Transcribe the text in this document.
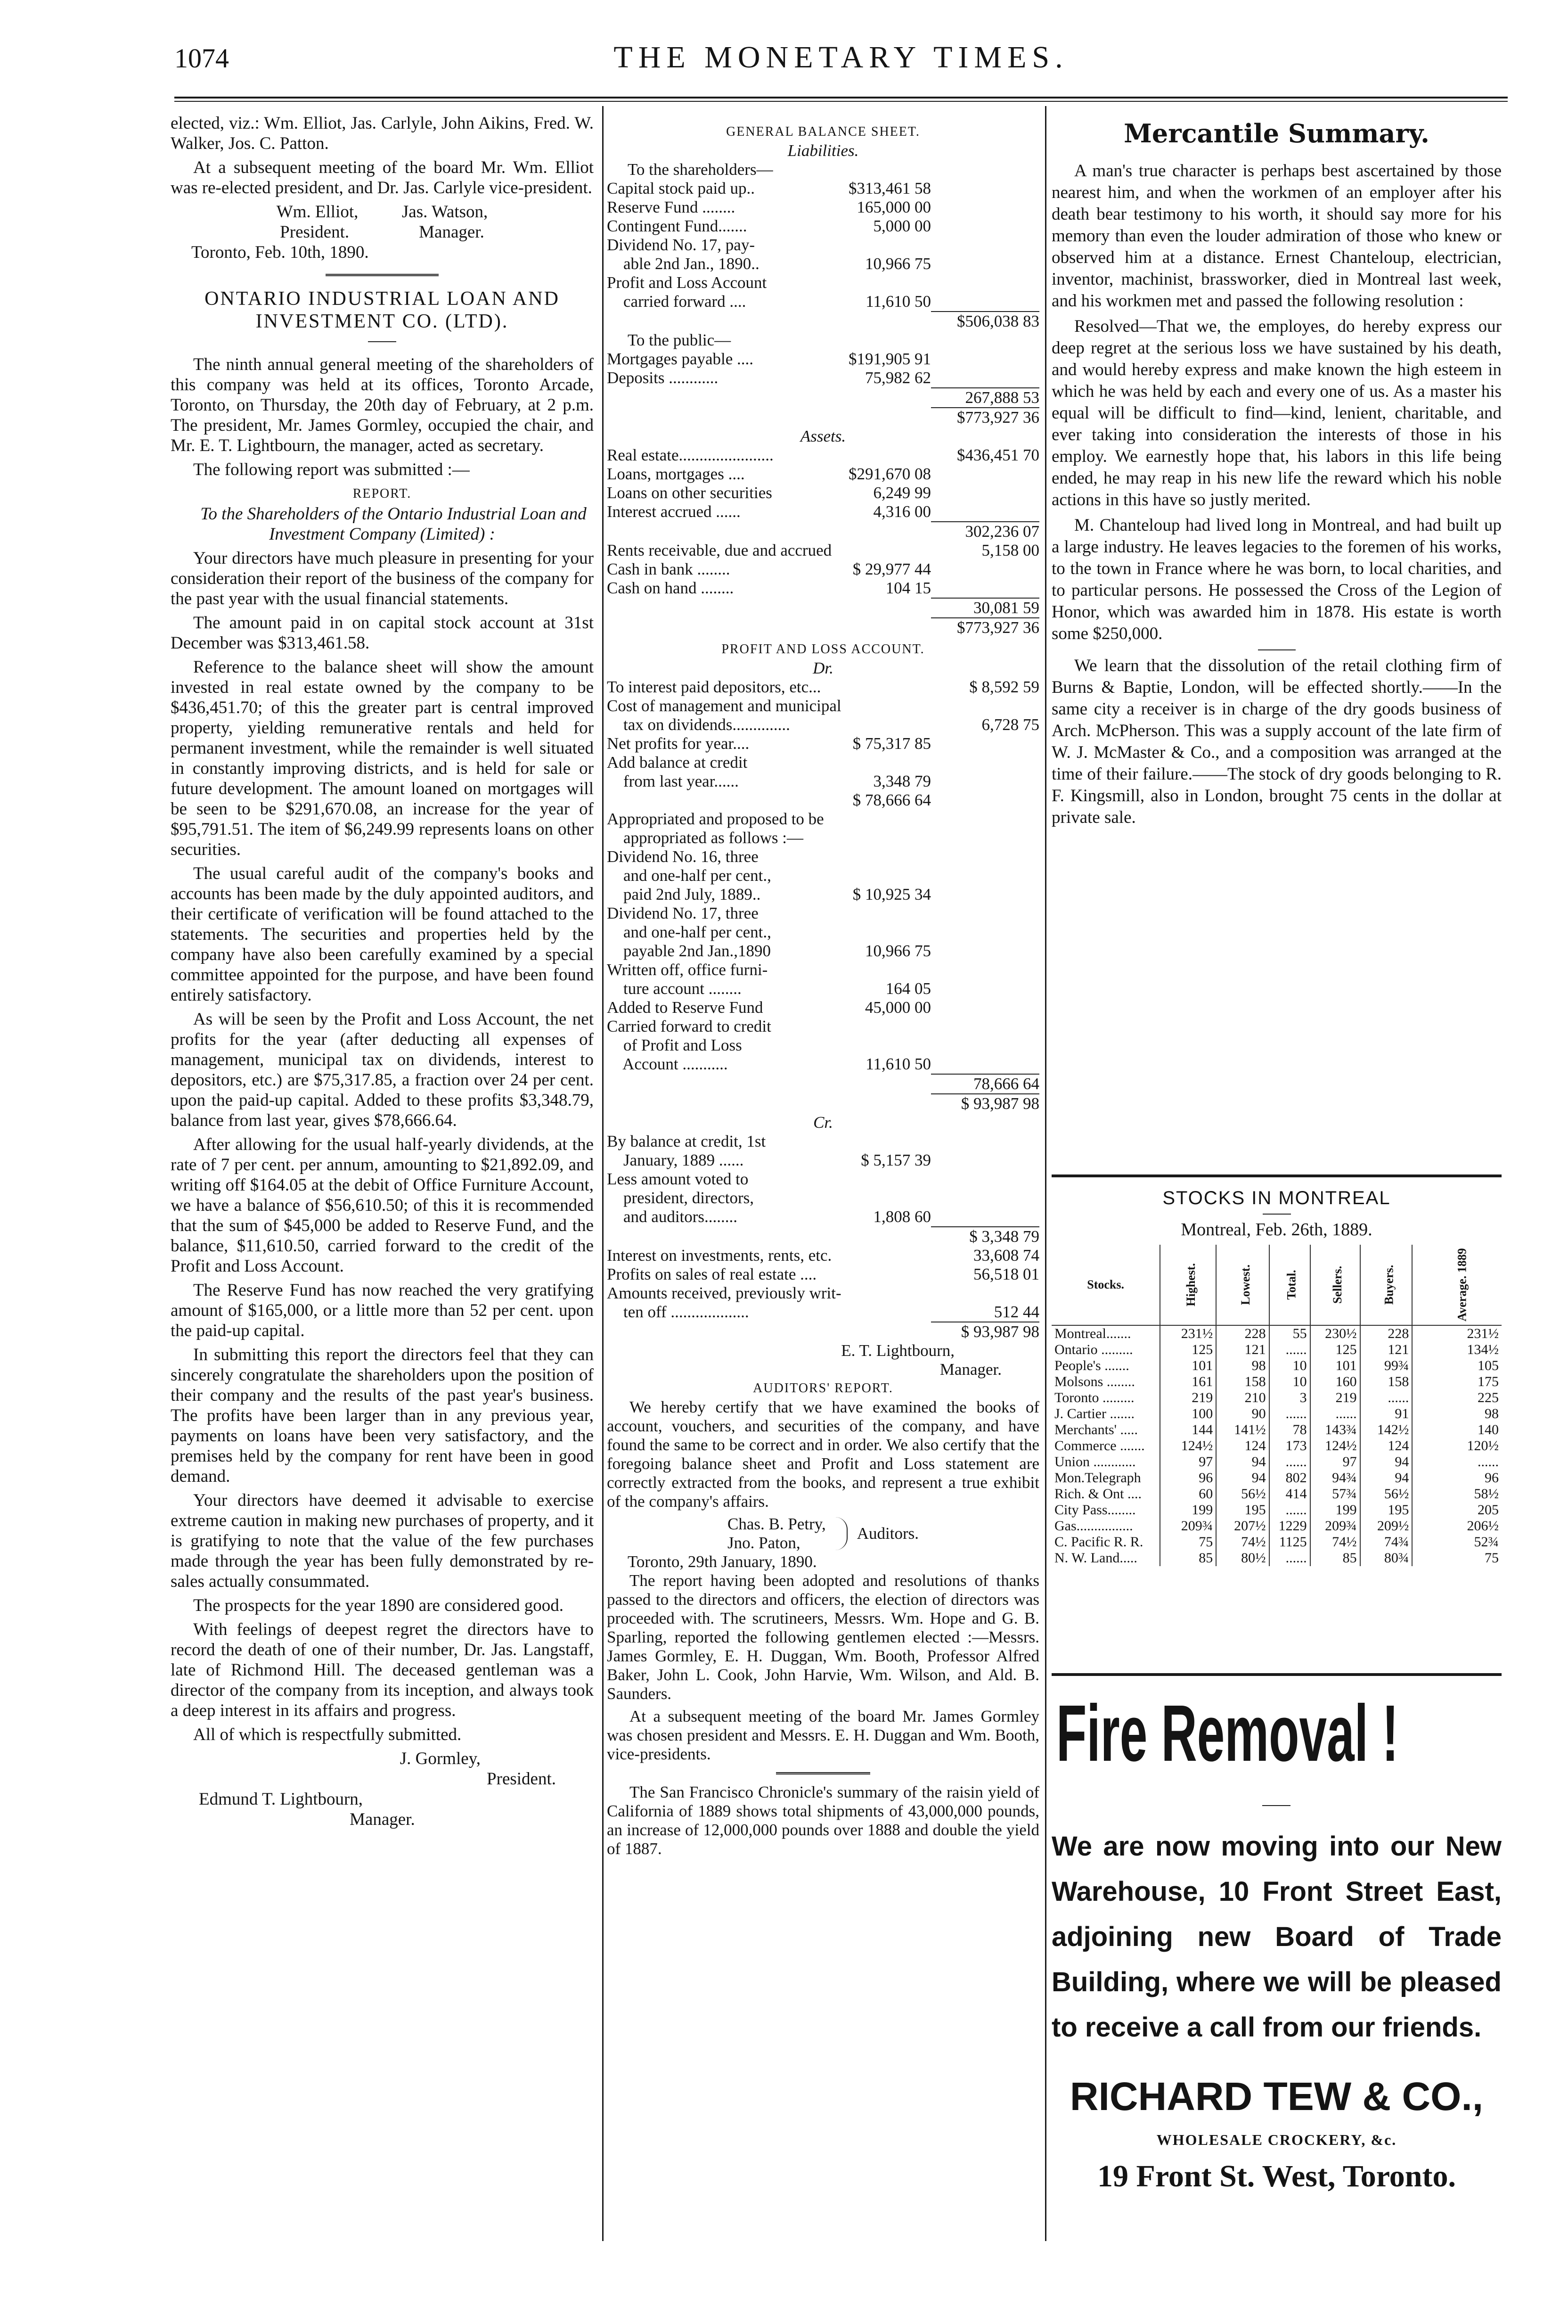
1074	THE MONETARY TIMES.

elected, viz.: Wm. Elliot, Jas. Carlyle, John Aikins, Fred. W. Walker, Jos. C. Patton.

At a subsequent meeting of the board Mr. Wm. Elliot was re-elected president, and Dr. Jas. Carlyle vice-president.

Wm. Elliot,          Jas. Watson,
President.                Manager.
Toronto, Feb. 10th, 1890.
ONTARIO INDUSTRIAL LOAN AND INVESTMENT CO. (LTD).

The ninth annual general meeting of the shareholders of this company was held at its offices, Toronto Arcade, Toronto, on Thursday, the 20th day of February, at 2 p.m. The president, Mr. James Gormley, occupied the chair, and Mr. E. T. Lightbourn, the manager, acted as secretary.

The following report was submitted :—

REPORT.

To the Shareholders of the Ontario Industrial Loan and Investment Company (Limited) :

Your directors have much pleasure in presenting for your consideration their report of the business of the company for the past year with the usual financial statements.

The amount paid in on capital stock account at 31st December was $313,461.58.

Reference to the balance sheet will show the amount invested in real estate owned by the company to be $436,451.70; of this the greater part is central improved property, yielding remunerative rentals and held for permanent investment, while the remainder is well situated in constantly improving districts, and is held for sale or future development. The amount loaned on mortgages will be seen to be $291,670.08, an increase for the year of $95,791.51. The item of $6,249.99 represents loans on other securities.

The usual careful audit of the company's books and accounts has been made by the duly appointed auditors, and their certificate of verification will be found attached to the statements. The securities and properties held by the company have also been carefully examined by a special committee appointed for the purpose, and have been found entirely satisfactory.

As will be seen by the Profit and Loss Account, the net profits for the year (after deducting all expenses of management, municipal tax on dividends, interest to depositors, etc.) are $75,317.85, a fraction over 24 per cent. upon the paid-up capital. Added to these profits $3,348.79, balance from last year, gives $78,666.64.

After allowing for the usual half-yearly dividends, at the rate of 7 per cent. per annum, amounting to $21,892.09, and writing off $164.05 at the debit of Office Furniture Account, we have a balance of $56,610.50; of this it is recommended that the sum of $45,000 be added to Reserve Fund, and the balance, $11,610.50, carried forward to the credit of the Profit and Loss Account.

The Reserve Fund has now reached the very gratifying amount of $165,000, or a little more than 52 per cent. upon the paid-up capital.

In submitting this report the directors feel that they can sincerely congratulate the shareholders upon the position of their company and the results of the past year's business. The profits have been larger than in any previous year, payments on loans have been very satisfactory, and the premises held by the company for rent have been in good demand.

Your directors have deemed it advisable to exercise extreme caution in making new purchases of property, and it is gratifying to note that the value of the few purchases made through the year has been fully demonstrated by re-sales actually consummated.

The prospects for the year 1890 are considered good.

With feelings of deepest regret the directors have to record the death of one of their number, Dr. Jas. Langstaff, late of Richmond Hill. The deceased gentleman was a director of the company from its inception, and always took a deep interest in its affairs and progress.

All of which is respectfully submitted.

J. Gormley,
President.
Edmund T. Lightbourn,
Manager.
GENERAL BALANCE SHEET.
Liabilities.
To the shareholders—
Capital stock paid up..	$313,461 58
Reserve Fund ........	165,000 00
Contingent Fund.......	5,000 00
Dividend No. 17, pay-
able 2nd Jan., 1890..	10,966 75
Profit and Loss Account
carried forward ....	11,610 50
$506,038 83
To the public—
Mortgages payable ....	$191,905 91
Deposits ............	75,982 62
267,888 53
$773,927 36
Assets.
Real estate.......................	$436,451 70
Loans, mortgages ....	$291,670 08
Loans on other securities	6,249 99
Interest accrued ......	4,316 00
302,236 07
Rents receivable, due and accrued	5,158 00
Cash in bank ........	$ 29,977 44
Cash on hand ........	104 15
30,081 59
$773,927 36
PROFIT AND LOSS ACCOUNT.
Dr.
To interest paid depositors, etc...	$ 8,592 59
Cost of management and municipal
tax on dividends..............	6,728 75
Net profits for year....	$ 75,317 85
Add balance at credit
from last year......	3,348 79
$ 78,666 64
Appropriated and proposed to be
appropriated as follows :—
Dividend No. 16, three
and one-half per cent.,
paid 2nd July, 1889..	$ 10,925 34
Dividend No. 17, three
and one-half per cent.,
payable 2nd Jan.,1890	10,966 75
Written off, office furni-
ture account ........	164 05
Added to Reserve Fund	45,000 00
Carried forward to credit
of Profit and Loss
Account ...........	11,610 50
78,666 64
$ 93,987 98
Cr.
By balance at credit, 1st
January, 1889 ......	$ 5,157 39
Less amount voted to
president, directors,
and auditors........	1,808 60
$ 3,348 79
Interest on investments, rents, etc.	33,608 74
Profits on sales of real estate ....	56,518 01
Amounts received, previously writ-
ten off ...................	512 44
$ 93,987 98
E. T. Lightbourn,
Manager.
AUDITORS' REPORT.

We hereby certify that we have examined the books of account, vouchers, and securities of the company, and have found the same to be correct and in order. We also certify that the foregoing balance sheet and Profit and Loss statement are correctly extracted from the books, and represent a true exhibit of the company's affairs.

Chas. B. Petry,
Jno. Paton,
Auditors.
Toronto, 29th January, 1890.

The report having been adopted and resolutions of thanks passed to the directors and officers, the election of directors was proceeded with. The scrutineers, Messrs. Wm. Hope and G. B. Sparling, reported the following gentlemen elected :—Messrs. James Gormley, E. H. Duggan, Wm. Booth, Professor Alfred Baker, John L. Cook, John Harvie, Wm. Wilson, and Ald. B. Saunders.

At a subsequent meeting of the board Mr. James Gormley was chosen president and Messrs. E. H. Duggan and Wm. Booth, vice-presidents.

The San Francisco Chronicle's summary of the raisin yield of California of 1889 shows total shipments of 43,000,000 pounds, an increase of 12,000,000 pounds over 1888 and double the yield of 1887.

Mercantile Summary.

A man's true character is perhaps best ascertained by those nearest him, and when the workmen of an employer after his death bear testimony to his worth, it should say more for his memory than even the louder admiration of those who knew or observed him at a distance. Ernest Chanteloup, electrician, inventor, machinist, brassworker, died in Montreal last week, and his workmen met and passed the following resolution :

Resolved—That we, the employes, do hereby express our deep regret at the serious loss we have sustained by his death, and would hereby express and make known the high esteem in which he was held by each and every one of us. As a master his equal will be difficult to find—kind, lenient, charitable, and ever taking into consideration the interests of those in his employ. We earnestly hope that, his labors in this life being ended, he may reap in his new life the reward which his noble actions in this have so justly merited.

M. Chanteloup had lived long in Montreal, and had built up a large industry. He leaves legacies to the foremen of his works, to the town in France where he was born, to local charities, and to particular persons. He possessed the Cross of the Legion of Honor, which was awarded him in 1878. His estate is worth some $250,000.

We learn that the dissolution of the retail clothing firm of Burns & Baptie, London, will be effected shortly.——In the same city a receiver is in charge of the dry goods business of Arch. McPherson. This was a supply account of the late firm of W. J. McMaster & Co., and a composition was arranged at the time of their failure.——The stock of dry goods belonging to R. F. Kingsmill, also in London, brought 75 cents in the dollar at private sale.

STOCKS IN MONTREAL
Montreal, Feb. 26th, 1889.
Stocks.	Highest.	Lowest.	Total.	Sellers.	Buyers.	Average. 1889
Montreal.......	231½	228	55	230½	228	231½
Ontario .........	125	121	......	125	121	134½
People's .......	101	98	10	101	99¾	105
Molsons ........	161	158	10	160	158	175
Toronto .........	219	210	3	219	......	225
J. Cartier .......	100	90	......	......	91	98
Merchants' .....	144	141½	78	143¾	142½	140
Commerce .......	124½	124	173	124½	124	120½
Union ............	97	94	......	97	94	......
Mon.Telegraph	96	94	802	94¾	94	96
Rich. & Ont ....	60	56½	414	57¾	56½	58½
City Pass........	199	195	......	199	195	205
Gas................	209¾	207½	1229	209¾	209½	206½
C. Pacific R. R.	75	74½	1125	74½	74¾	52¾
N. W. Land.....	85	80½	......	85	80¾	75
Fire Removal !
We are now moving into our New Warehouse, 10 Front Street East, adjoining new Board of Trade Building, where we will be pleased to receive a call from our friends.
RICHARD TEW & CO.,
WHOLESALE CROCKERY, &c.
19 Front St. West, Toronto.
